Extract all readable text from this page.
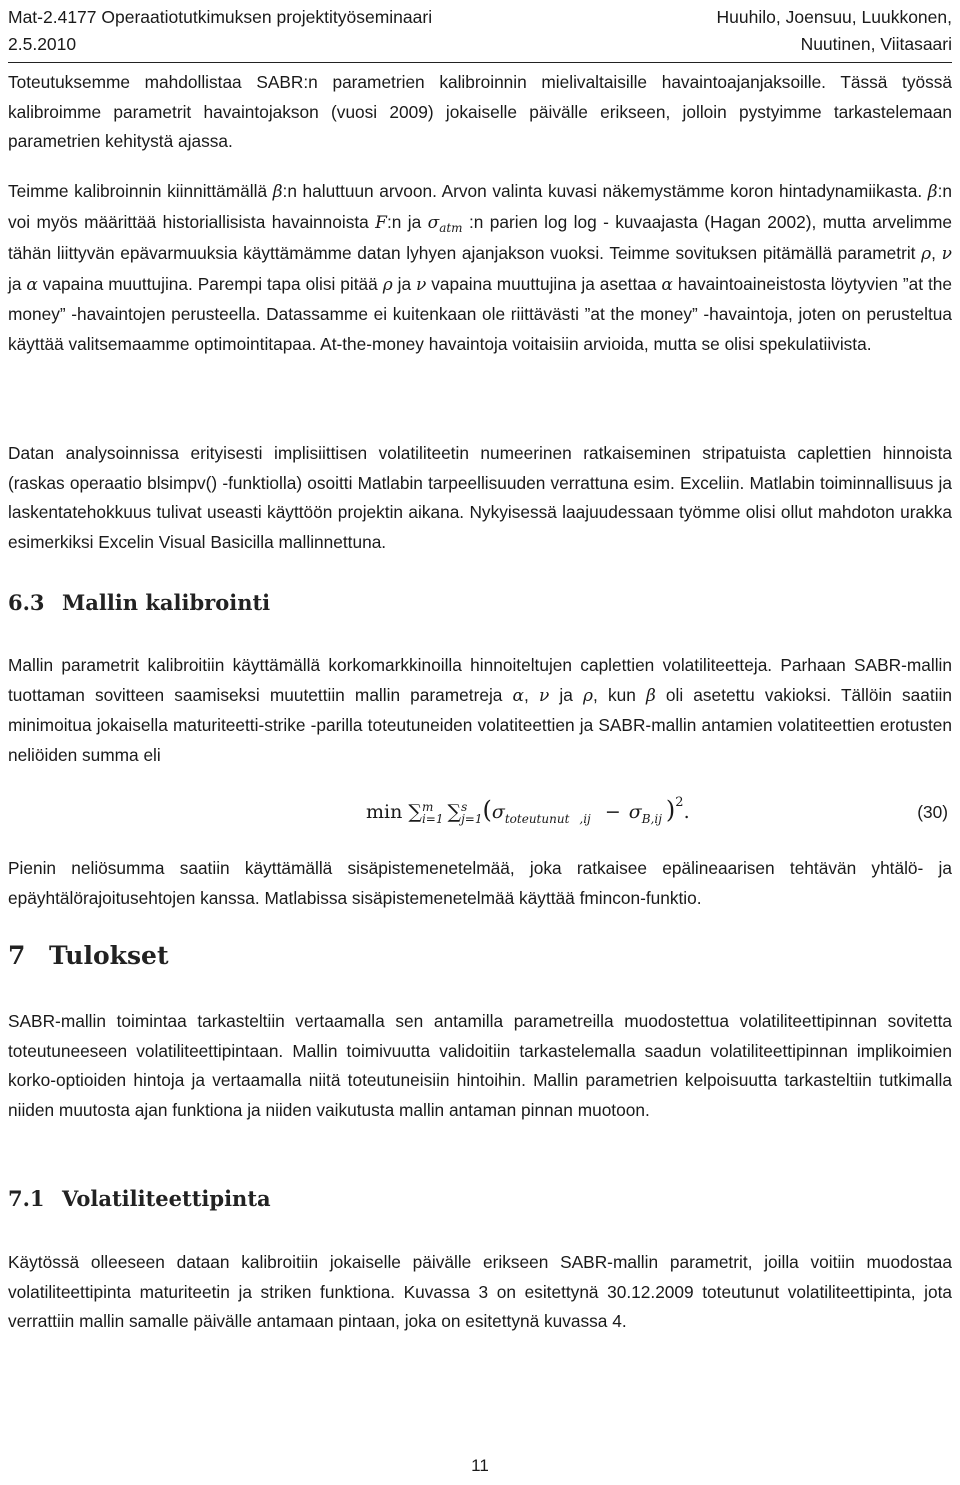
Mat-2.4177 Operaatiotutkimuksen projektityöseminaari
2.5.2010
Huuhilo, Joensuu, Luukkonen,
Nuutinen, Viitasaari

Toteutuksemme mahdollistaa SABR:n parametrien kalibroinnin mielivaltaisille havaintoajanjaksoille. Tässä työssä kalibroimme parametrit havaintojakson (vuosi 2009) jokaiselle päivälle erikseen, jolloin pystyimme tarkastelemaan parametrien kehitystä ajassa.

Teimme kalibroinnin kiinnittämällä β:n haluttuun arvoon. Arvon valinta kuvasi näkemystämme koron hintadynamiikasta. β:n voi myös määrittää historiallisista havainnoista F:n ja $\sigma_{atm}$ :n parien log log - kuvaajasta (Hagan 2002), mutta arvelimme tähän liittyvän epävarmuuksia käyttämämme datan lyhyen ajanjakson vuoksi. Teimme sovituksen pitämällä parametrit ρ, ν ja α vapaina muuttujina. Parempi tapa olisi pitää ρ ja ν vapaina muuttujina ja asettaa α havaintoaineistosta löytyvien ”at the money” -havaintojen perusteella. Datassamme ei kuitenkaan ole riittävästi ”at the money” -havaintoja, joten on perusteltua käyttää valitsemaamme optimointitapaa. At-the-money havaintoja voitaisiin arvioida, mutta se olisi spekulatiivista.

Datan analysoinnissa erityisesti implisiittisen volatiliteetin numeerinen ratkaiseminen stripatuista caplettien hinnoista (raskas operaatio blsimpv() -funktiolla) osoitti Matlabin tarpeellisuuden verrattuna esim. Exceliin. Matlabin toiminnallisuus ja laskentatehokkuus tulivat useasti käyttöön projektin aikana. Nykyisessä laajuudessaan työmme olisi ollut mahdoton urakka esimerkiksi Excelin Visual Basicilla mallinnettuna.

6.3 Mallin kalibrointi

Mallin parametrit kalibroitiin käyttämällä korkomarkkinoilla hinnoiteltujen caplettien volatiliteetteja. Parhaan SABR-mallin tuottaman sovitteen saamiseksi muutettiin mallin parametreja α, ν ja ρ, kun β oli asetettu vakioksi. Tällöin saatiin minimoitua jokaisella maturiteetti-strike -parilla toteutuneiden volatiteettien ja SABR-mallin antamien volatiteettien erotusten neliöiden summa eli

min ∑ m
i=1 ∑ s
j=1 ($\sigma_{toteutunut}$ $_{,ij} - \sigma_{B,ij}$ )$^2$.	(30)

Pienin neliösumma saatiin käyttämällä sisäpistemenetelmää, joka ratkaisee epälineaarisen tehtävän yhtälö- ja epäyhtälörajoitusehtojen kanssa. Matlabissa sisäpistemenetelmää käyttää fmincon-funktio.

7 Tulokset

SABR-mallin toimintaa tarkasteltiin vertaamalla sen antamilla parametreilla muodostettua volatiliteettipinnan sovitetta toteutuneeseen volatiliteettipintaan. Mallin toimivuutta validoitiin tarkastelemalla saadun volatiliteettipinnan implikoimien korko-optioiden hintoja ja vertaamalla niitä toteutuneisiin hintoihin. Mallin parametrien kelpoisuutta tarkasteltiin tutkimalla niiden muutosta ajan funktiona ja niiden vaikutusta mallin antaman pinnan muotoon.

7.1 Volatiliteettipinta

Käytössä olleeseen dataan kalibroitiin jokaiselle päivälle erikseen SABR-mallin parametrit, joilla voitiin muodostaa volatiliteettipinta maturiteetin ja striken funktiona. Kuvassa 3 on esitettynä 30.12.2009 toteutunut volatiliteettipinta, jota verrattiin mallin samalle päivälle antamaan pintaan, joka on esitettynä kuvassa 4.

11
